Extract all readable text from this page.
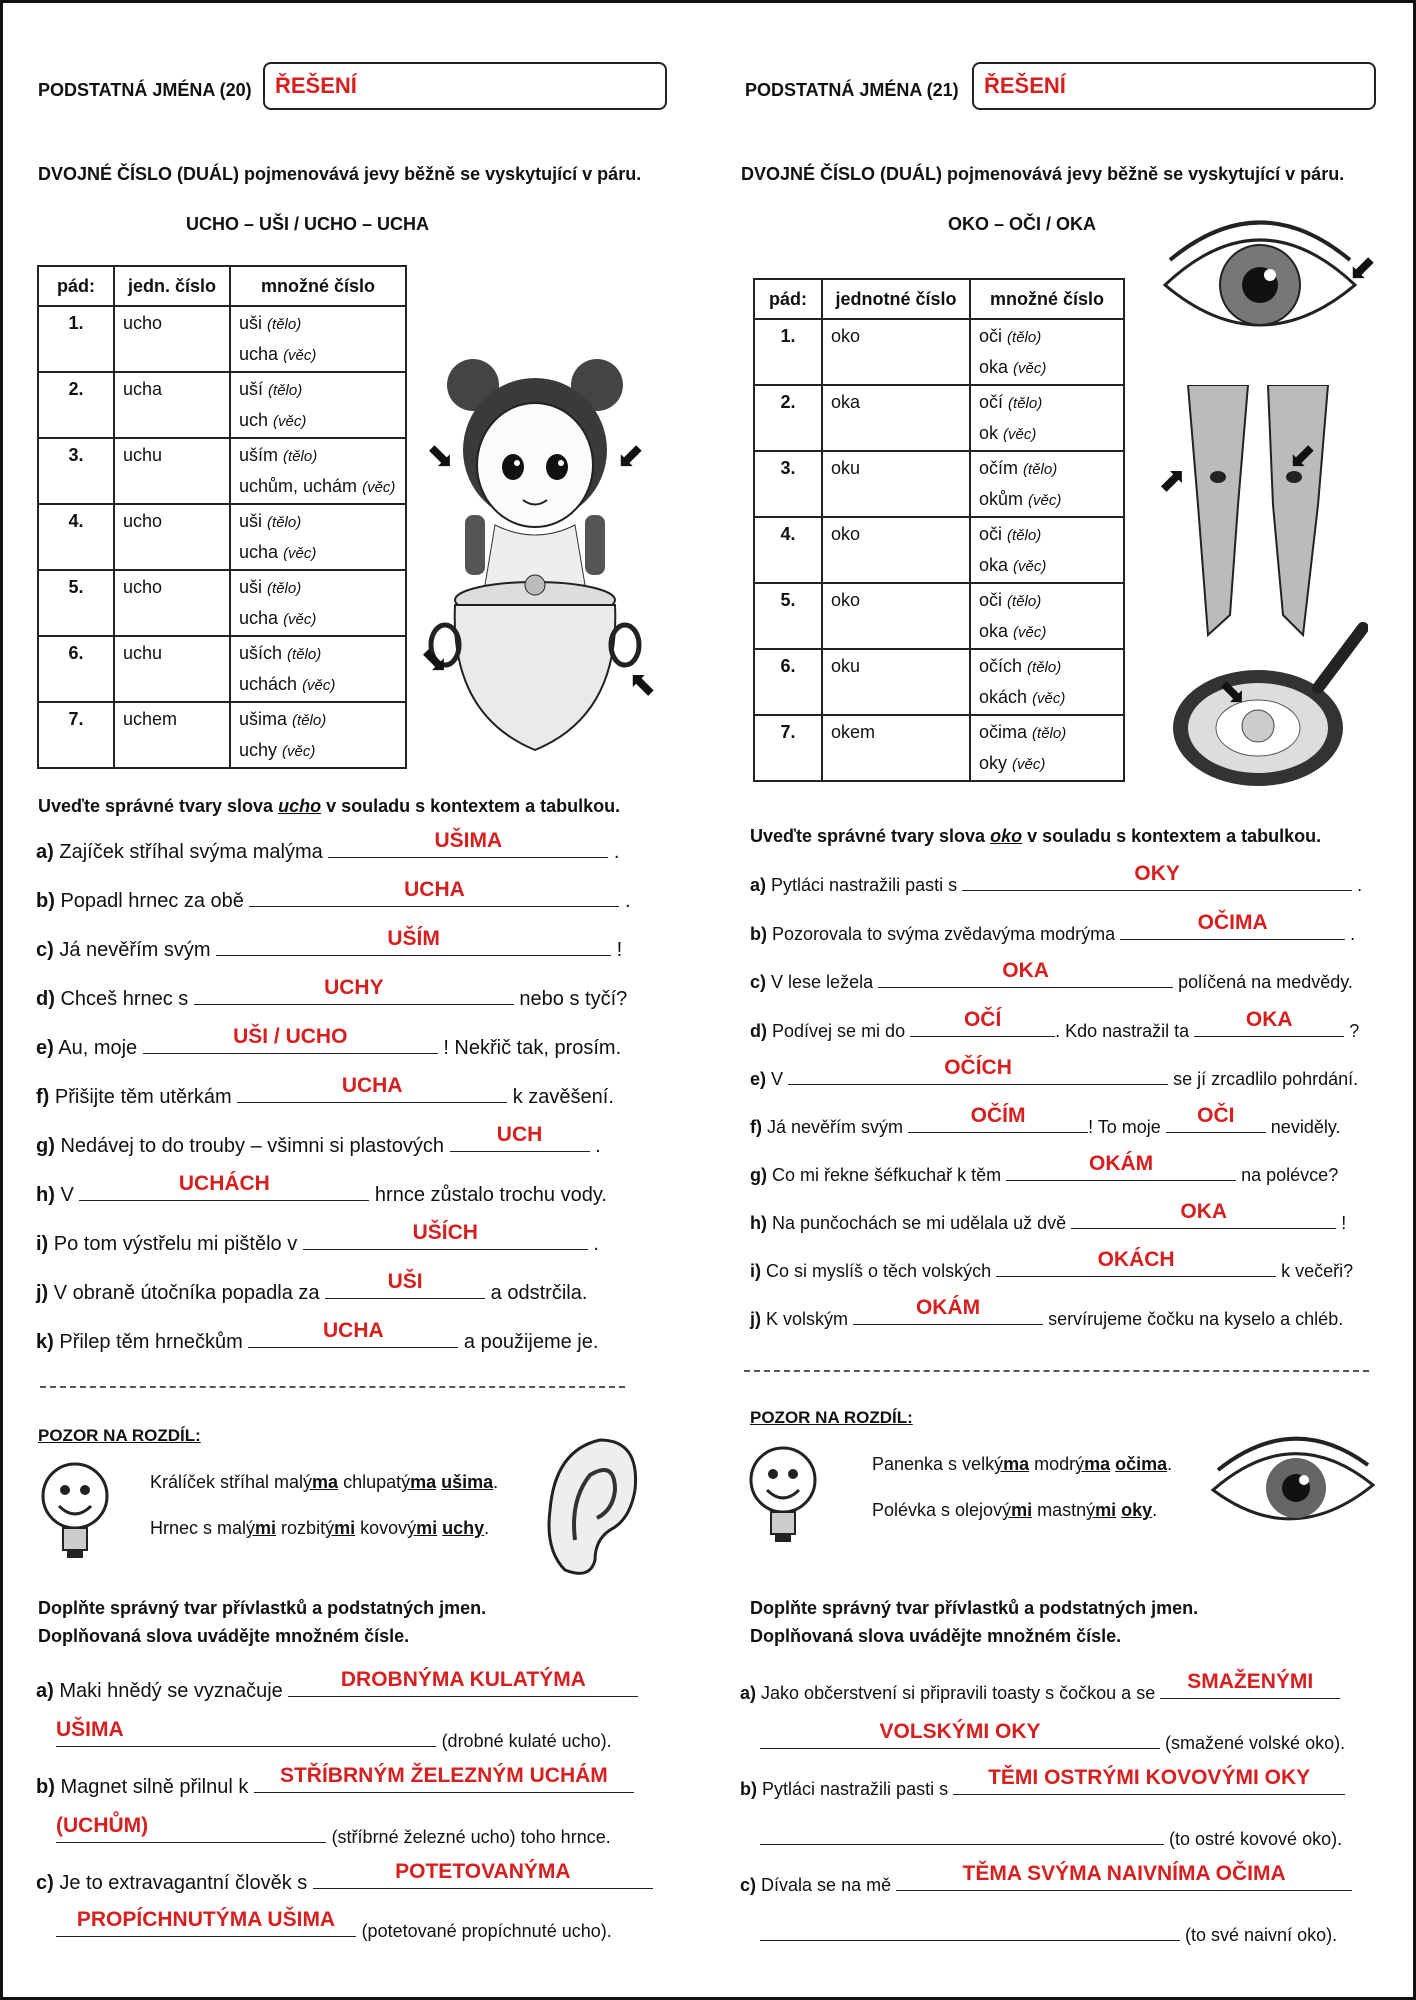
PODSTATNÁ JMÉNA (20) ŘEŠENÍ
DVOJNÉ ČÍSLO (DUÁL) pojmenovává jevy běžně se vyskytující v páru.
UCHO – UŠI / UCHO – UCHA
pád:	jedn. číslo	množné číslo
1.	ucho	uši (tělo)
ucha (věc)

2.	ucha	uší (tělo)
uch (věc)

3.	uchu	uším (tělo)
uchům, uchám (věc)

4.	ucho	uši (tělo)
ucha (věc)

5.	ucho	uši (tělo)
ucha (věc)

6.	uchu	uších (tělo)
uchách (věc)

7.	uchem	ušima (tělo)
uchy (věc)
⬊	⬋
⬊
⬉
Uveďte správné tvary slova ucho v souladu s kontextem a tabulkou.
a) Zajíček stříhal svýma malýma	UŠIMA	.
b) Popadl hrnec za obě	UCHA	.
c) Já nevěřím svým	UŠÍM	!
d) Chceš hrnec s	UCHY	nebo s tyčí?
e) Au, moje	UŠI / UCHO	! Nekřič tak, prosím.
f) Přišijte těm utěrkám	UCHA	k zavěšení.
g) Nedávej to do trouby – všimni si plastových	UCH	.
h) V	UCHÁCH	hrnce zůstalo trochu vody.
i) Po tom výstřelu mi pištělo v	UŠÍCH	.
j) V obraně útočníka popadla za	UŠI	a odstrčila.
k) Přilep těm hrnečkům	UCHA	a použijeme je.
POZOR NA ROZDÍL:
Králíček stříhal malýma chlupatýma ušima.
Hrnec s malými rozbitými kovovými uchy.
Doplňte správný tvar přívlastků a podstatných jmen.
Doplňovaná slova uvádějte množném čísle.
a) Maki hnědý se vyznačuje	DROBNÝMA KULATÝMA
UŠIMA	(drobné kulaté ucho).
b) Magnet silně přilnul k	STŘÍBRNÝM ŽELEZNÝM UCHÁM
(UCHŮM)	(stříbrné železné ucho) toho hrnce.
c) Je to extravagantní člověk s	POTETOVANÝMA
PROPÍCHNUTÝMA UŠIMA	(potetované propíchnuté ucho).
PODSTATNÁ JMÉNA (21) ŘEŠENÍ
DVOJNÉ ČÍSLO (DUÁL) pojmenovává jevy běžně se vyskytující v páru.
OKO – OČI / OKA
pád:	jednotné číslo	množné číslo
1.	oko	oči (tělo)
oka (věc)

2.	oka	očí (tělo)
ok (věc)

3.	oku	očím (tělo)
okům (věc)

4.	oko	oči (tělo)
oka (věc)

5.	oko	oči (tělo)
oka (věc)

6.	oku	očích (tělo)
okách (věc)

7.	okem	očima (tělo)
oky (věc)
⬋
⬈
⬋
⬊
Uveďte správné tvary slova oko v souladu s kontextem a tabulkou.
a) Pytláci nastražili pasti s	OKY	.
b) Pozorovala to svýma zvědavýma modrýma	OČIMA	.
c) V lese ležela	OKA	políčená na medvědy.
d) Podívej se mi do	OČÍ	. Kdo nastražil ta	OKA	?
e) V	OČÍCH	se jí zrcadlilo pohrdání.
f) Já nevěřím svým	OČÍM	! To moje	OČI	neviděly.
g) Co mi řekne šéfkuchař k těm	OKÁM	na polévce?
h) Na punčochách se mi udělala už dvě	OKA	!
i) Co si myslíš o těch volských	OKÁCH	k večeři?
j) K volským	OKÁM	servírujeme čočku na kyselo a chléb.
POZOR NA ROZDÍL:
Panenka s velkýma modrýma očima.
Polévka s olejovými mastnými oky.
Doplňte správný tvar přívlastků a podstatných jmen.
Doplňovaná slova uvádějte množném čísle.
a) Jako občerstvení si připravili toasty s čočkou a se	SMAŽENÝMI
VOLSKÝMI OKY	(smažené volské oko).
b) Pytláci nastražili pasti s	TĚMI OSTRÝMI KOVOVÝMI OKY
(to ostré kovové oko).
c) Dívala se na mě	TĚMA SVÝMA NAIVNÍMA OČIMA
(to své naivní oko).
